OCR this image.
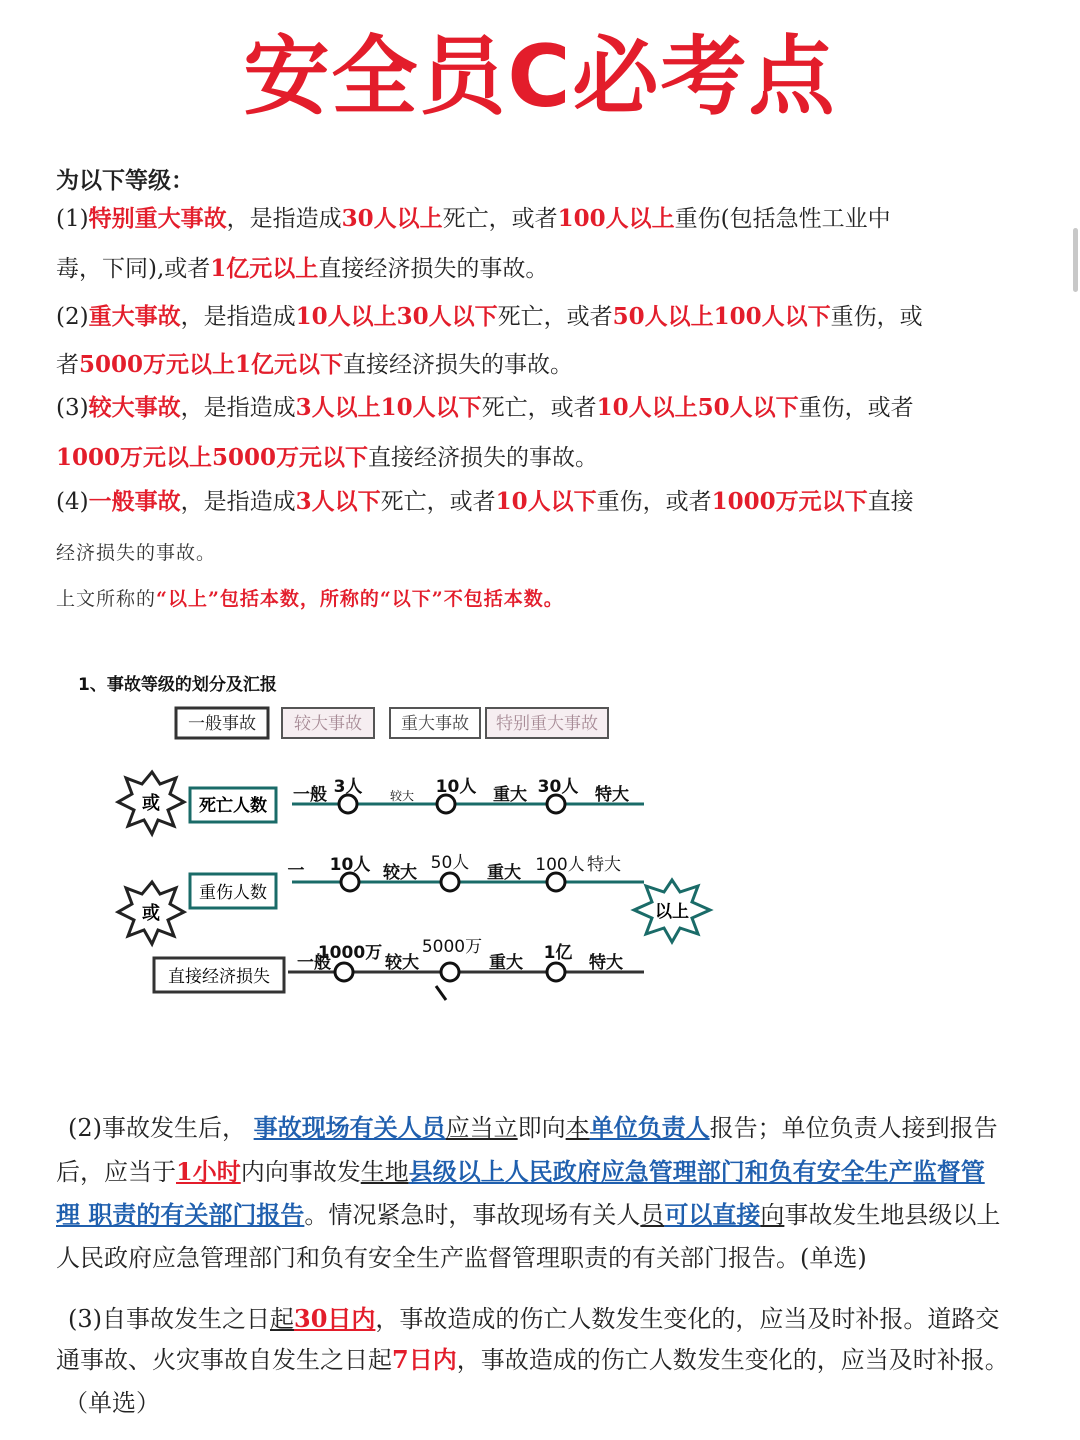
安全员C必考点
为以下等级：
(1)特别重大事故，是指造成30人以上死亡，或者100人以上重伤(包括急性工业中
毒，下同),或者1亿元以上直接经济损失的事故。
(2)重大事故，是指造成10人以上30人以下死亡，或者50人以上100人以下重伤，或
者5000万元以上1亿元以下直接经济损失的事故。
(3)较大事故，是指造成3人以上10人以下死亡，或者10人以上50人以下重伤，或者
1000万元以上5000万元以下直接经济损失的事故。
(4)一般事故，是指造成3人以下死亡，或者10人以下重伤，或者1000万元以下直接
经济损失的事故。
上文所称的“以上”包括本数，所称的“以下”不包括本数。
1、事故等级的划分及汇报
一般事故 较大事故 重大事故 特别重大事故
或
或	以上
死亡人数
重伤人数
直接经济损失
3人	10人	30人
一般	较大	重大	特大
10人	50人	100人
一	较大	重大	特大
1000万 5000万	1亿
一般	较大	重大	特大
(2)事故发生后， 事故现场有关人员应当立即向本单位负责人报告；单位负责人接到报告
后，应当于1小时内向事故发生地县级以上人民政府应急管理部门和负有安全生产监督管
理 职责的有关部门报告。情况紧急时，事故现场有关人员可以直接向事故发生地县级以上
人民政府应急管理部门和负有安全生产监督管理职责的有关部门报告。(单选)
(3)自事故发生之日起30日内，事故造成的伤亡人数发生变化的，应当及时补报。道路交
通事故、火灾事故自发生之日起7日内，事故造成的伤亡人数发生变化的，应当及时补报。
（单选）
